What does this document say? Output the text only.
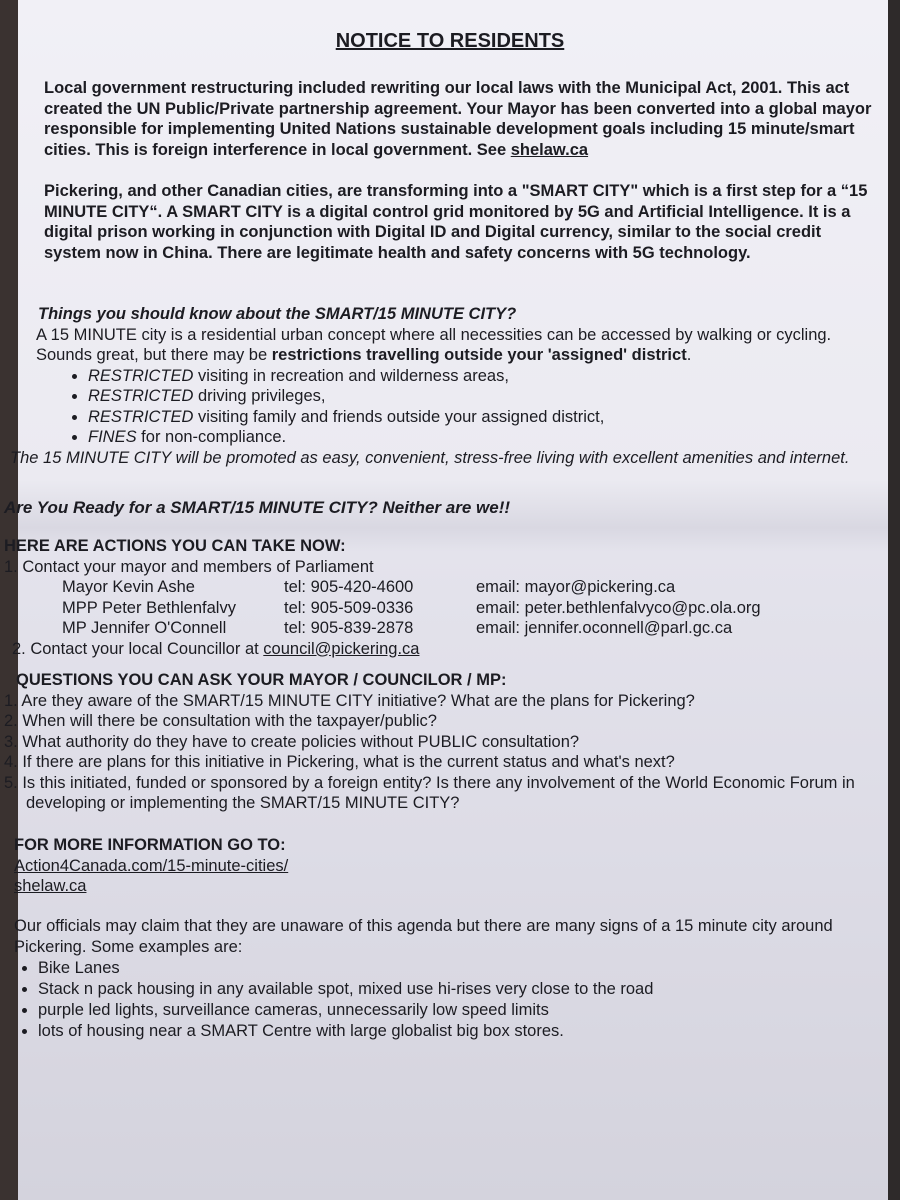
NOTICE TO RESIDENTS
Local government restructuring included rewriting our local laws with the Municipal Act, 2001. This act created the UN Public/Private partnership agreement. Your Mayor has been converted into a global mayor responsible for implementing United Nations sustainable development goals including 15 minute/smart cities. This is foreign interference in local government. See shelaw.ca
Pickering, and other Canadian cities, are transforming into a "SMART CITY" which is a first step for a “15 MINUTE CITY“. A SMART CITY is a digital control grid monitored by 5G and Artificial Intelligence. It is a digital prison working in conjunction with Digital ID and Digital currency, similar to the social credit system now in China. There are legitimate health and safety concerns with 5G technology.
Things you should know about the SMART/15 MINUTE CITY?
A 15 MINUTE city is a residential urban concept where all necessities can be accessed by walking or cycling. Sounds great, but there may be restrictions travelling outside your 'assigned' district.
• RESTRICTED visiting in recreation and wilderness areas,
• RESTRICTED driving privileges,
• RESTRICTED visiting family and friends outside your assigned district,
• FINES for non-compliance.
The 15 MINUTE CITY will be promoted as easy, convenient, stress-free living with excellent amenities and internet.
Are You Ready for a SMART/15 MINUTE CITY? Neither are we!!
HERE ARE ACTIONS YOU CAN TAKE NOW:
1. Contact your mayor and members of Parliament
Mayor Kevin Ashe	tel: 905-420-4600	email: mayor@pickering.ca
MPP Peter Bethlenfalvy	tel: 905-509-0336	email: peter.bethlenfalvyco@pc.ola.org
MP Jennifer O'Connell	tel: 905-839-2878	email: jennifer.oconnell@parl.gc.ca
2. Contact your local Councillor at council@pickering.ca
QUESTIONS YOU CAN ASK YOUR MAYOR / COUNCILOR / MP:
1. Are they aware of the SMART/15 MINUTE CITY initiative? What are the plans for Pickering?
2. When will there be consultation with the taxpayer/public?
3. What authority do they have to create policies without PUBLIC consultation?
4. If there are plans for this initiative in Pickering, what is the current status and what's next?
5. Is this initiated, funded or sponsored by a foreign entity? Is there any involvement of the World Economic Forum in developing or implementing the SMART/15 MINUTE CITY?
FOR MORE INFORMATION GO TO:
Action4Canada.com/15-minute-cities/
shelaw.ca
Our officials may claim that they are unaware of this agenda but there are many signs of a 15 minute city around Pickering. Some examples are:
• Bike Lanes
• Stack n pack housing in any available spot, mixed use hi-rises very close to the road
• purple led lights, surveillance cameras, unnecessarily low speed limits
• lots of housing near a SMART Centre with large globalist big box stores.
